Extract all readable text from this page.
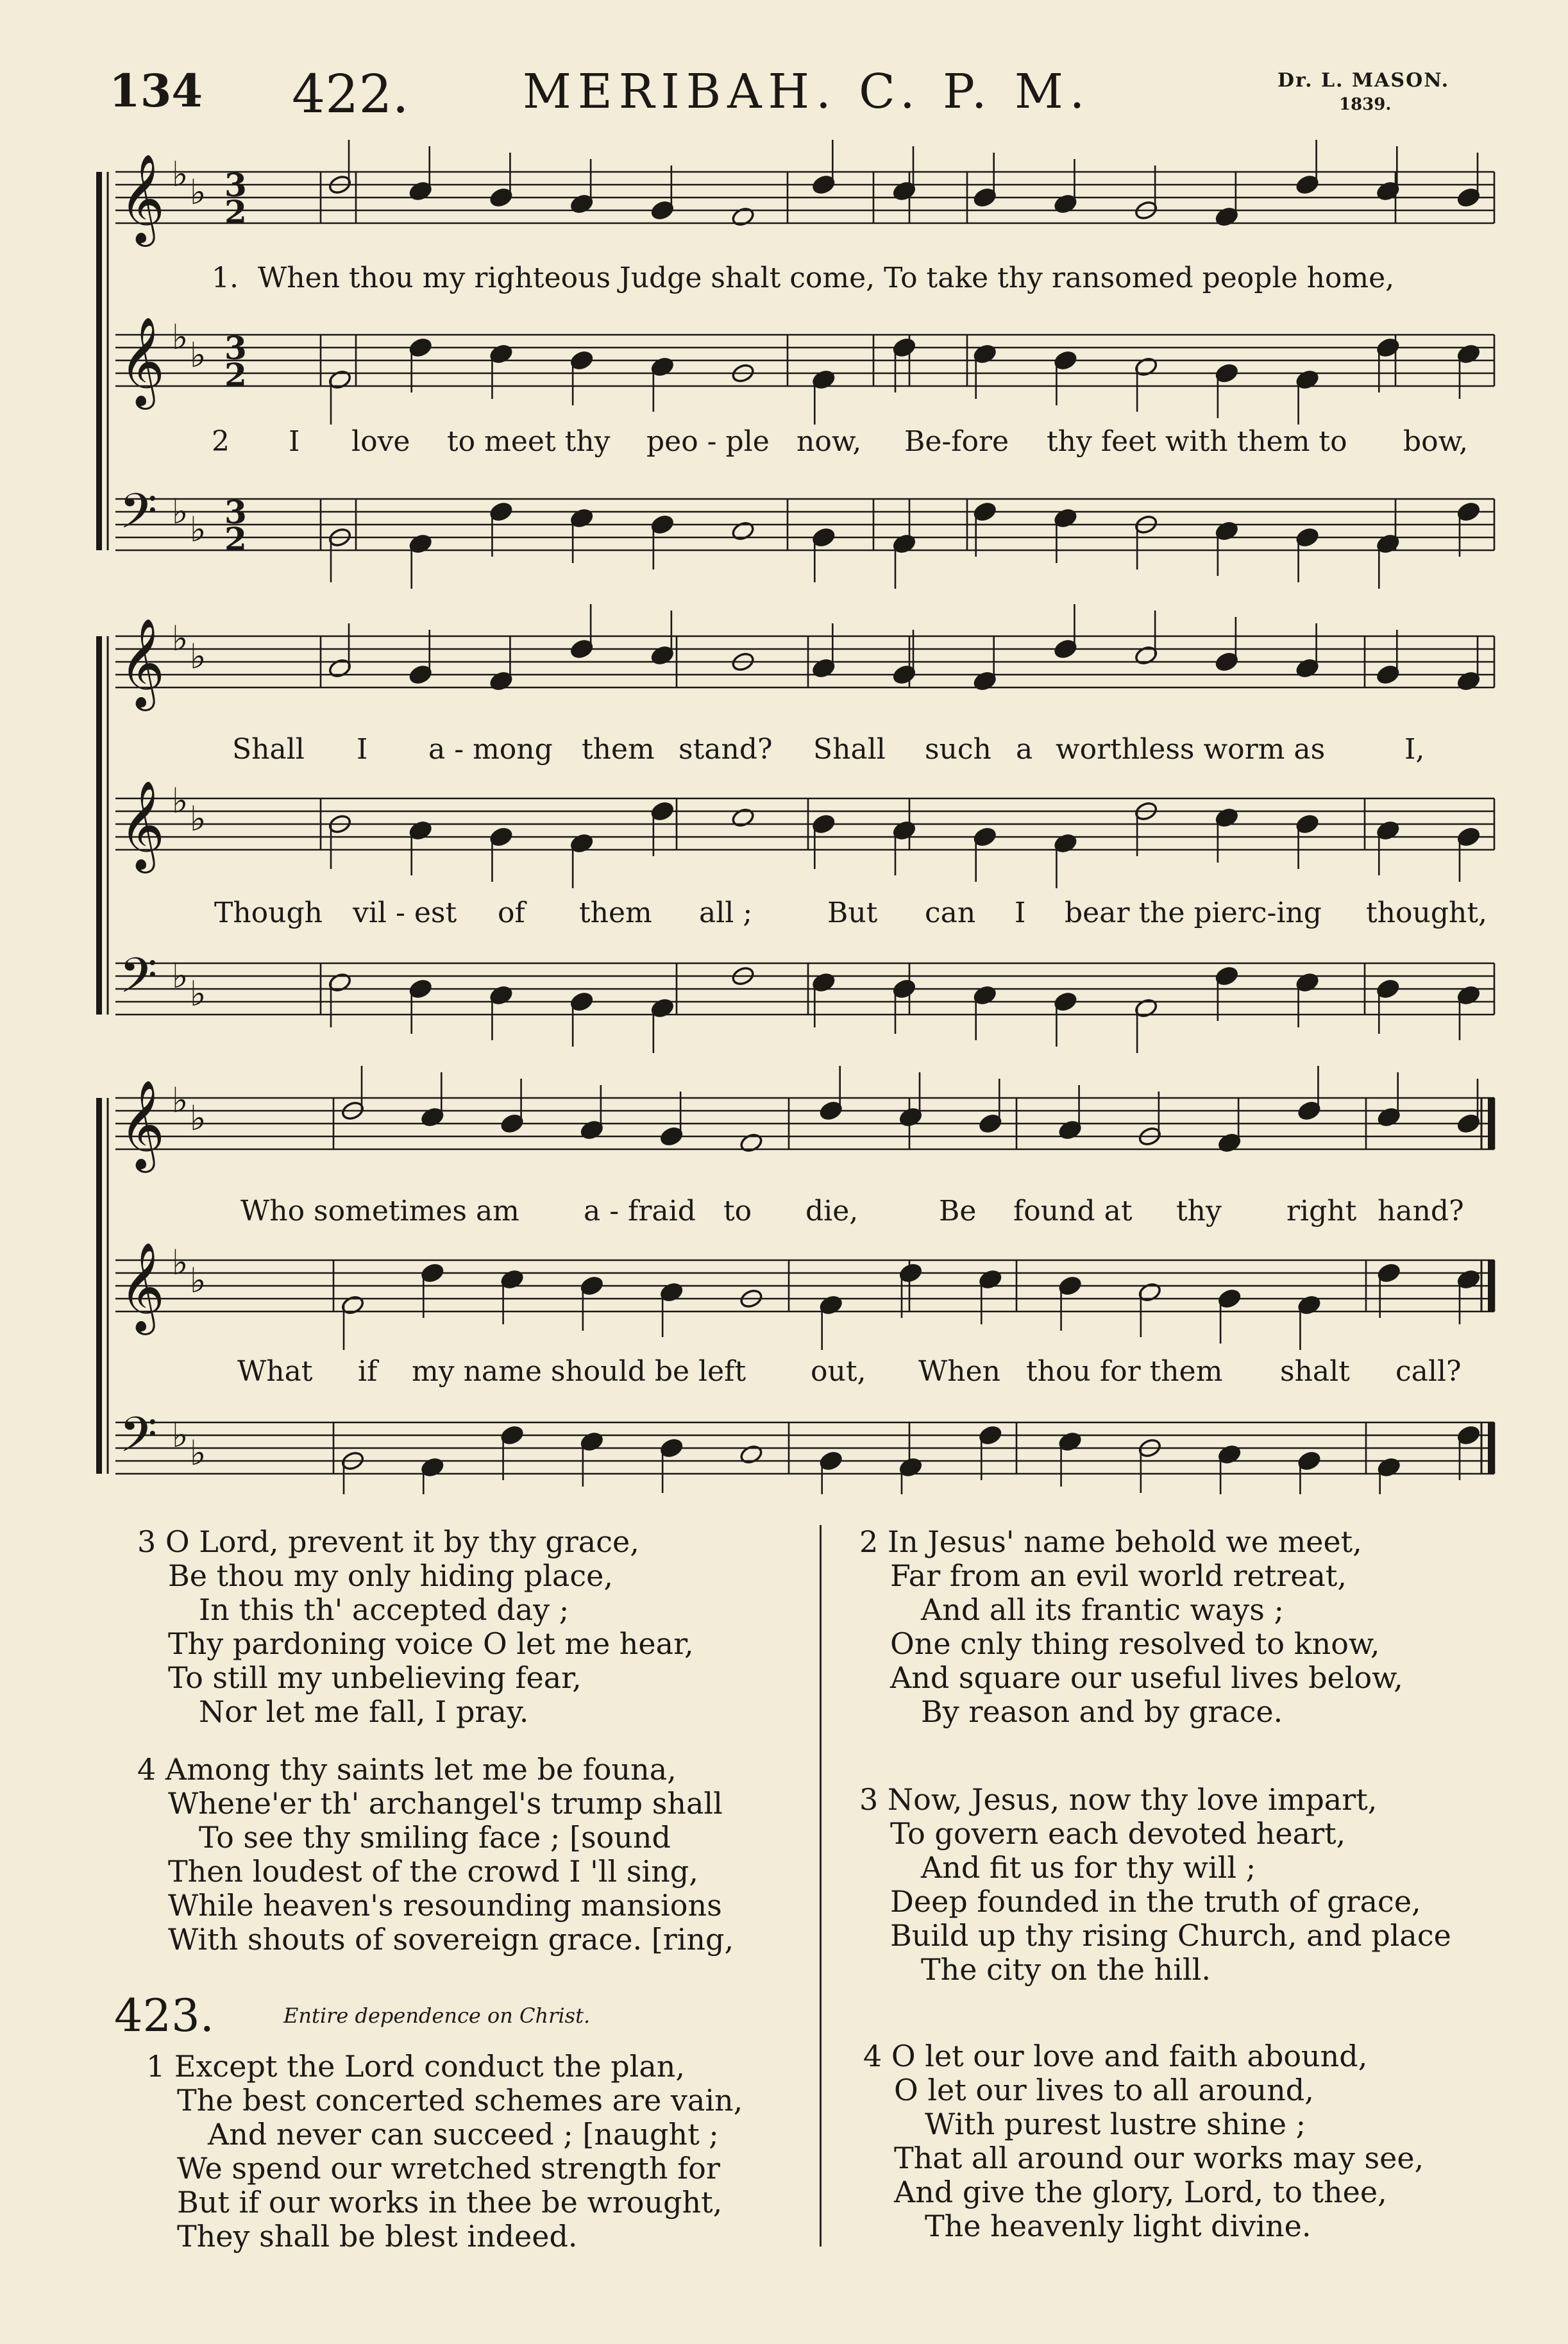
134 422. MERIBAH. C. P. M.	Dr. L. MASON.
1839.
𝄞 ♭ ♭ 3
2
𝄞 ♭ ♭ 3
2
𝄢 ♭ ♭ 3
2
𝄞 ♭ ♭
𝄞 ♭ ♭
𝄢 ♭ ♭
𝄞 ♭ ♭
𝄞 ♭ ♭
𝄢 ♭ ♭
1. When thou my righteous Judge shalt come, To take thy ransomed people home,
2 I love to meet thy peo - ple now, Be-fore thy feet with them to bow,
Shall I a - mong them stand? Shall such a worthless worm as	I,
Though vil - est of them all ;	But can I bear the pierc-ing thought,
Who sometimes am a - fraid to die,	Be found at thy right hand?
What if my name should be left out, When thou for them shalt call?
3 O Lord, prevent it by thy grace,
Be thou my only hiding place,
In this th' accepted day ;
Thy pardoning voice O let me hear,
To still my unbelieving fear,
Nor let me fall, I pray.
4 Among thy saints let me be founa,
Whene'er th' archangel's trump shall
To see thy smiling face ; [sound
Then loudest of the crowd I 'll sing,
While heaven's resounding mansions
With shouts of sovereign grace. [ring,
423.	Entire dependence on Christ.
1 Except the Lord conduct the plan,
The best concerted schemes are vain,
And never can succeed ; [naught ;
We spend our wretched strength for
But if our works in thee be wrought,
They shall be blest indeed.
2 In Jesus' name behold we meet,
Far from an evil world retreat,
And all its frantic ways ;
One cnly thing resolved to know,
And square our useful lives below,
By reason and by grace.
3 Now, Jesus, now thy love impart,
To govern each devoted heart,
And fit us for thy will ;
Deep founded in the truth of grace,
Build up thy rising Church, and place
The city on the hill.
4 O let our love and faith abound,
O let our lives to all around,
With purest lustre shine ;
That all around our works may see,
And give the glory, Lord, to thee,
The heavenly light divine.
